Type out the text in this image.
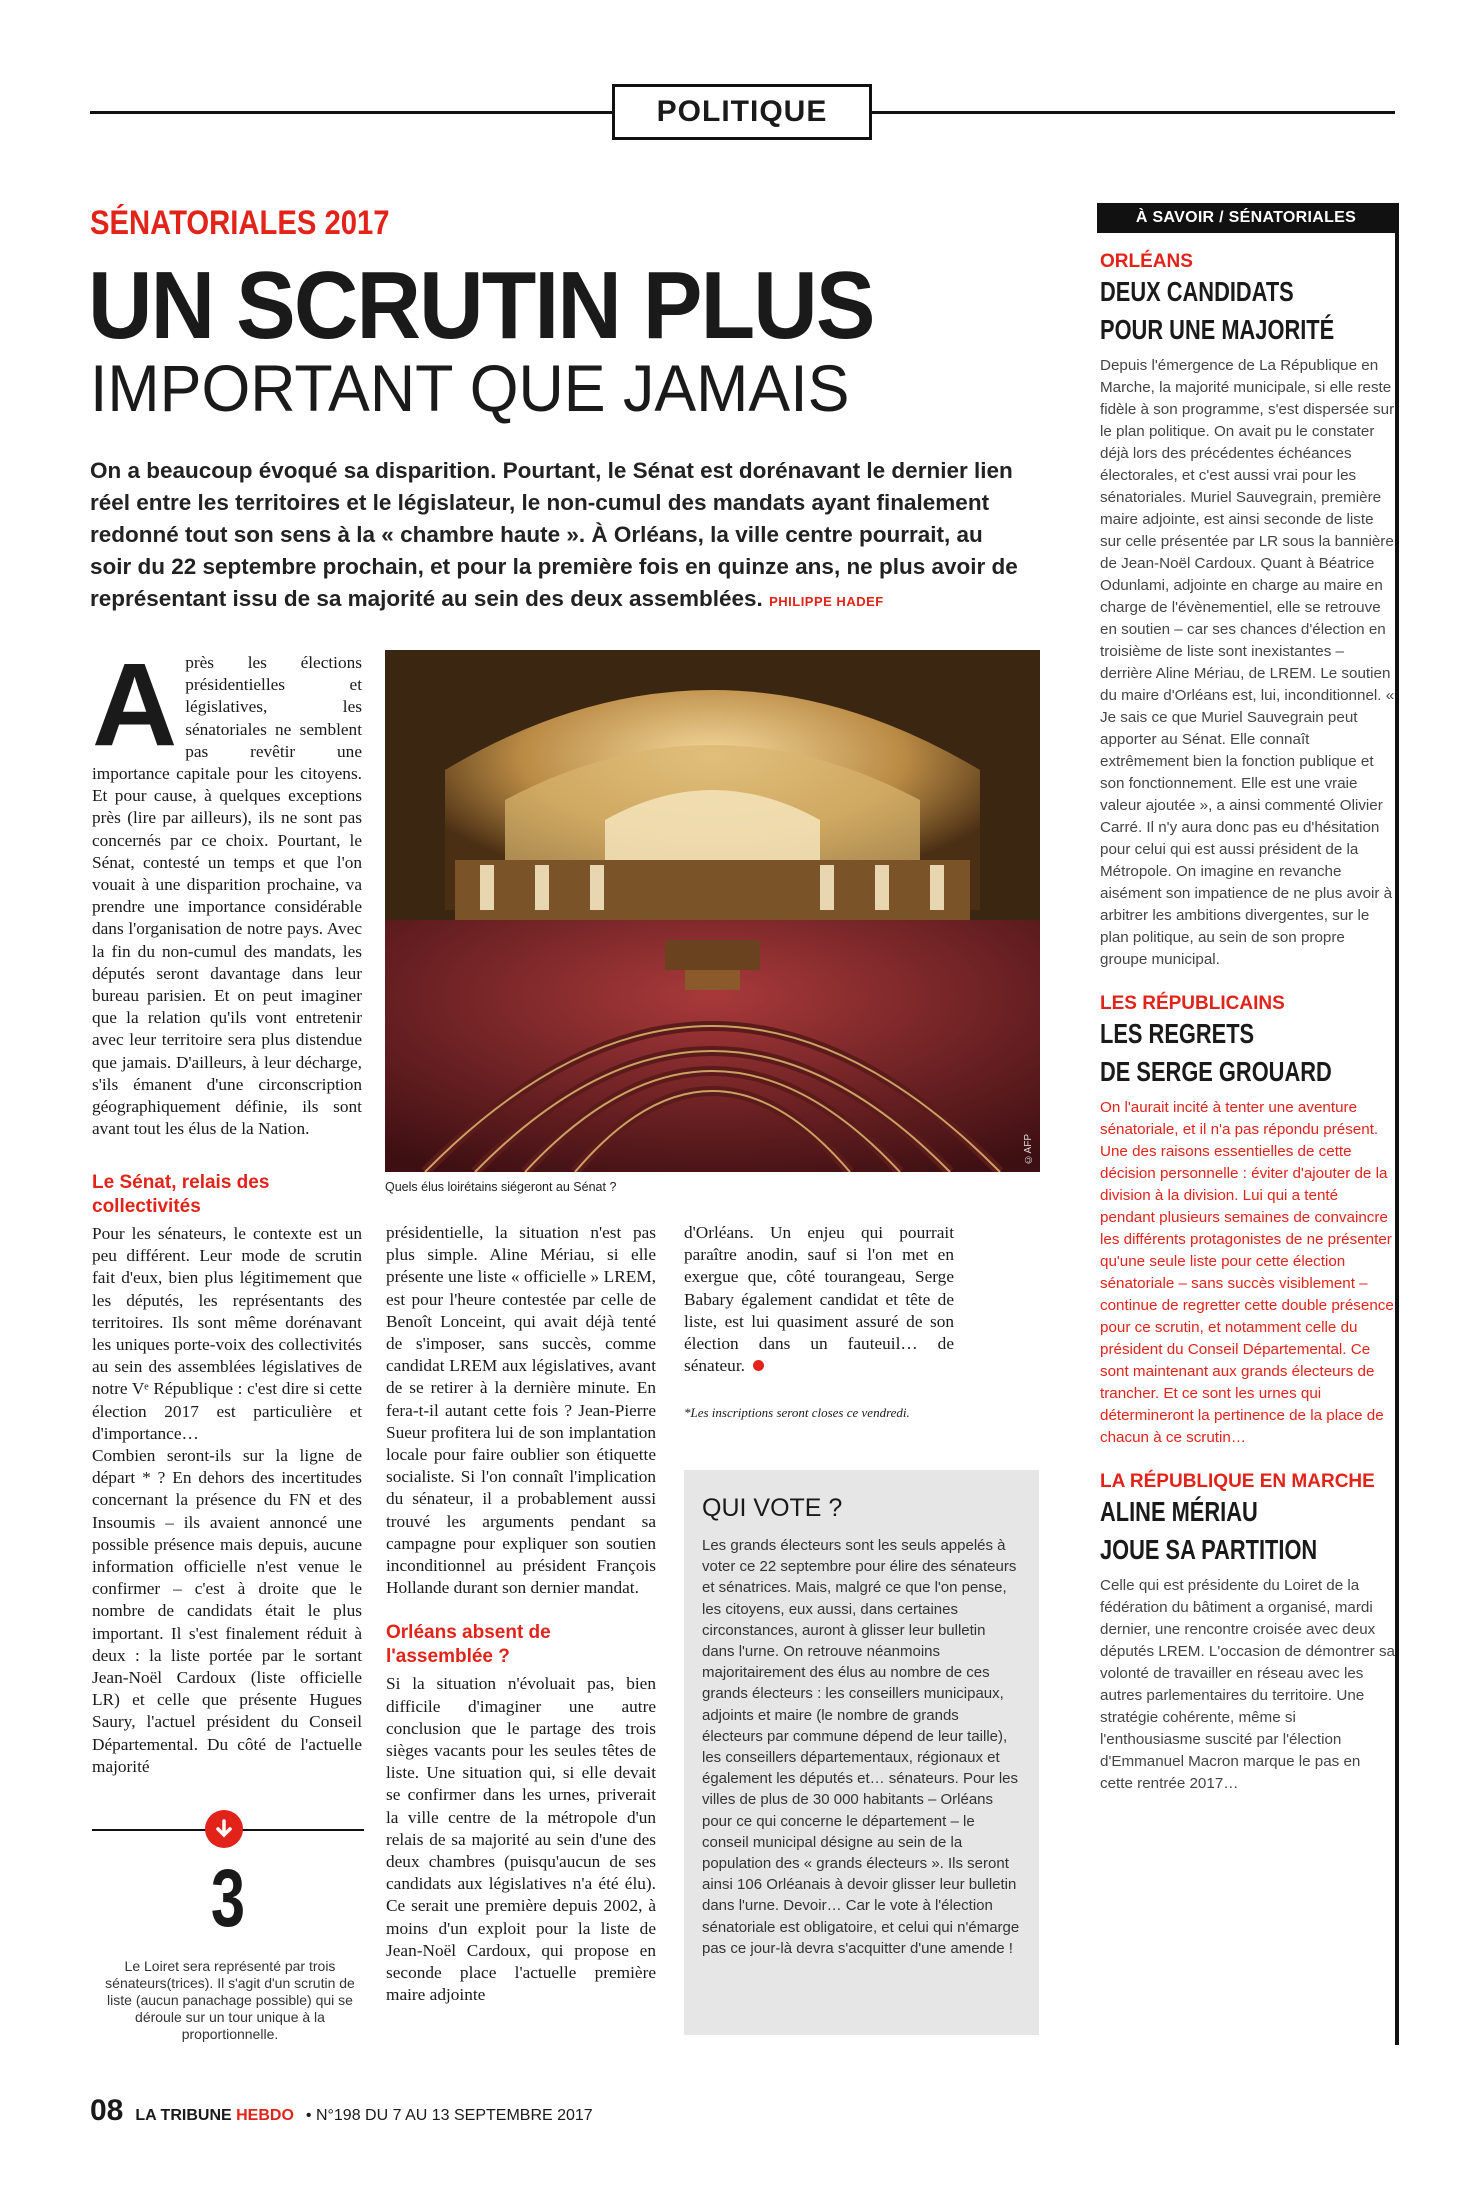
POLITIQUE
SÉNATORIALES 2017
UN SCRUTIN PLUS
IMPORTANT QUE JAMAIS
On a beaucoup évoqué sa disparition. Pourtant, le Sénat est dorénavant le dernier lien réel entre les territoires et le législateur, le non-cumul des mandats ayant finalement redonné tout son sens à la « chambre haute ». À Orléans, la ville centre pourrait, au soir du 22 septembre prochain, et pour la première fois en quinze ans, ne plus avoir de représentant issu de sa majorité au sein des deux assemblées. PHILIPPE HADEF
A près les élections présidentielles et législatives, les sénatoriales ne semblent pas revêtir une importance capitale pour les citoyens. Et pour cause, à quelques exceptions près (lire par ailleurs), ils ne sont pas concernés par ce choix. Pourtant, le Sénat, contesté un temps et que l'on vouait à une disparition prochaine, va prendre une importance considérable dans l'organisation de notre pays. Avec la fin du non-cumul des mandats, les députés seront davantage dans leur bureau parisien. Et on peut imaginer que la relation qu'ils vont entretenir avec leur territoire sera plus distendue que jamais. D'ailleurs, à leur décharge, s'ils émanent d'une circonscription géographiquement définie, ils sont avant tout les élus de la Nation.

©AFP
Quels élus loirétains siégeront au Sénat ?
Le Sénat, relais des collectivités

Pour les sénateurs, le contexte est un peu différent. Leur mode de scrutin fait d'eux, bien plus légitimement que les députés, les représentants des territoires. Ils sont même dorénavant les uniques porte-voix des collectivités au sein des assemblées législatives de notre Vᵉ République : c'est dire si cette élection 2017 est particulière et d'importance…

Combien seront-ils sur la ligne de départ * ? En dehors des incertitudes concernant la présence du FN et des Insoumis – ils avaient annoncé une possible présence mais depuis, aucune information officielle n'est venue le confirmer – c'est à droite que le nombre de candidats était le plus important. Il s'est finalement réduit à deux : la liste portée par le sortant Jean-Noël Cardoux (liste officielle LR) et celle que présente Hugues Saury, l'actuel président du Conseil Départemental. Du côté de l'actuelle majorité

3
Le Loiret sera représenté par trois sénateurs(trices). Il s'agit d'un scrutin de liste (aucun panachage possible) qui se déroule sur un tour unique à la proportionnelle.

présidentielle, la situation n'est pas plus simple. Aline Mériau, si elle présente une liste « officielle » LREM, est pour l'heure contestée par celle de Benoît Lonceint, qui avait déjà tenté de s'imposer, sans succès, comme candidat LREM aux législatives, avant de se retirer à la dernière minute. En fera-t-il autant cette fois ? Jean-Pierre Sueur profitera lui de son implantation locale pour faire oublier son étiquette socialiste. Si l'on connaît l'implication du sénateur, il a probablement aussi trouvé les arguments pendant sa campagne pour expliquer son soutien inconditionnel au président François Hollande durant son dernier mandat.

Orléans absent de l'assemblée ?

Si la situation n'évoluait pas, bien difficile d'imaginer une autre conclusion que le partage des trois sièges vacants pour les seules têtes de liste. Une situation qui, si elle devait se confirmer dans les urnes, priverait la ville centre de la métropole d'un relais de sa majorité au sein d'une des deux chambres (puisqu'aucun de ses candidats aux législatives n'a été élu). Ce serait une première depuis 2002, à moins d'un exploit pour la liste de Jean-Noël Cardoux, qui propose en seconde place l'actuelle première maire adjointe

d'Orléans. Un enjeu qui pourrait paraître anodin, sauf si l'on met en exergue que, côté tourangeau, Serge Babary également candidat et tête de liste, est lui quasiment assuré de son élection dans un fauteuil… de sénateur.

*Les inscriptions seront closes ce vendredi.
QUI VOTE ?
Les grands électeurs sont les seuls appelés à voter ce 22 septembre pour élire des sénateurs et sénatrices. Mais, malgré ce que l'on pense, les citoyens, eux aussi, dans certaines circonstances, auront à glisser leur bulletin dans l'urne. On retrouve néanmoins majoritairement des élus au nombre de ces grands électeurs : les conseillers municipaux, adjoints et maire (le nombre de grands électeurs par commune dépend de leur taille), les conseillers départementaux, régionaux et également les députés et… sénateurs. Pour les villes de plus de 30 000 habitants – Orléans pour ce qui concerne le département – le conseil municipal désigne au sein de la population des « grands électeurs ». Ils seront ainsi 106 Orléanais à devoir glisser leur bulletin dans l'urne. Devoir… Car le vote à l'élection sénatoriale est obligatoire, et celui qui n'émarge pas ce jour-là devra s'acquitter d'une amende !
À SAVOIR / SÉNATORIALES
ORLÉANS
DEUX CANDIDATS
POUR UNE MAJORITÉ
Depuis l'émergence de La République en Marche, la majorité municipale, si elle reste fidèle à son programme, s'est dispersée sur le plan politique. On avait pu le constater déjà lors des précédentes échéances électorales, et c'est aussi vrai pour les sénatoriales. Muriel Sauvegrain, première maire adjointe, est ainsi seconde de liste sur celle présentée par LR sous la bannière de Jean-Noël Cardoux. Quant à Béatrice Odunlami, adjointe en charge au maire en charge de l'évènementiel, elle se retrouve en soutien – car ses chances d'élection en troisième de liste sont inexistantes – derrière Aline Mériau, de LREM. Le soutien du maire d'Orléans est, lui, inconditionnel. « Je sais ce que Muriel Sauvegrain peut apporter au Sénat. Elle connaît extrêmement bien la fonction publique et son fonctionnement. Elle est une vraie valeur ajoutée », a ainsi commenté Olivier Carré. Il n'y aura donc pas eu d'hésitation pour celui qui est aussi président de la Métropole. On imagine en revanche aisément son impatience de ne plus avoir à arbitrer les ambitions divergentes, sur le plan politique, au sein de son propre groupe municipal.
LES RÉPUBLICAINS
LES REGRETS
DE SERGE GROUARD
On l'aurait incité à tenter une aventure sénatoriale, et il n'a pas répondu présent. Une des raisons essentielles de cette décision personnelle : éviter d'ajouter de la division à la division. Lui qui a tenté pendant plusieurs semaines de convaincre les différents protagonistes de ne présenter qu'une seule liste pour cette élection sénatoriale – sans succès visiblement – continue de regretter cette double présence pour ce scrutin, et notamment celle du président du Conseil Départemental. Ce sont maintenant aux grands électeurs de trancher. Et ce sont les urnes qui détermineront la pertinence de la place de chacun à ce scrutin…
LA RÉPUBLIQUE EN MARCHE
ALINE MÉRIAU
JOUE SA PARTITION
Celle qui est présidente du Loiret de la fédération du bâtiment a organisé, mardi dernier, une rencontre croisée avec deux députés LREM. L'occasion de démontrer sa volonté de travailler en réseau avec les autres parlementaires du territoire. Une stratégie cohérente, même si l'enthousiasme suscité par l'élection d'Emmanuel Macron marque le pas en cette rentrée 2017…
08 LA TRIBUNE HEBDO • N°198 DU 7 AU 13 SEPTEMBRE 2017
